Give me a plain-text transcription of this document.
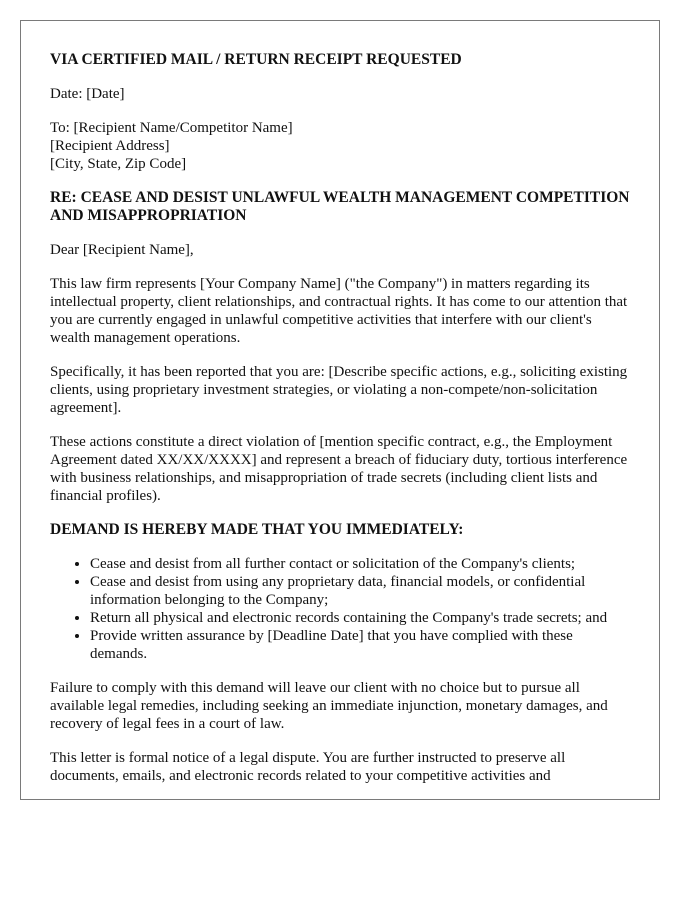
VIA CERTIFIED MAIL / RETURN RECEIPT REQUESTED

Date: [Date]

To: [Recipient Name/Competitor Name]
[Recipient Address]
[City, State, Zip Code]
RE: CEASE AND DESIST UNLAWFUL WEALTH MANAGEMENT COMPETITION AND MISAPPROPRIATION

Dear [Recipient Name],

This law firm represents [Your Company Name] ("the Company") in matters regarding its intellectual property, client relationships, and contractual rights. It has come to our attention that you are currently engaged in unlawful competitive activities that interfere with our client's wealth management operations.

Specifically, it has been reported that you are: [Describe specific actions, e.g., soliciting existing clients, using proprietary investment strategies, or violating a non-compete/non-solicitation agreement].

These actions constitute a direct violation of [mention specific contract, e.g., the Employment Agreement dated XX/XX/XXXX] and represent a breach of fiduciary duty, tortious interference with business relationships, and misappropriation of trade secrets (including client lists and financial profiles).

DEMAND IS HEREBY MADE THAT YOU IMMEDIATELY:
• Cease and desist from all further contact or solicitation of the Company's clients;
• Cease and desist from using any proprietary data, financial models, or confidential information belonging to the Company;
• Return all physical and electronic records containing the Company's trade secrets; and
• Provide written assurance by [Deadline Date] that you have complied with these demands.

Failure to comply with this demand will leave our client with no choice but to pursue all available legal remedies, including seeking an immediate injunction, monetary damages, and recovery of legal fees in a court of law.

This letter is formal notice of a legal dispute. You are further instructed to preserve all documents, emails, and electronic records related to your competitive activities and
